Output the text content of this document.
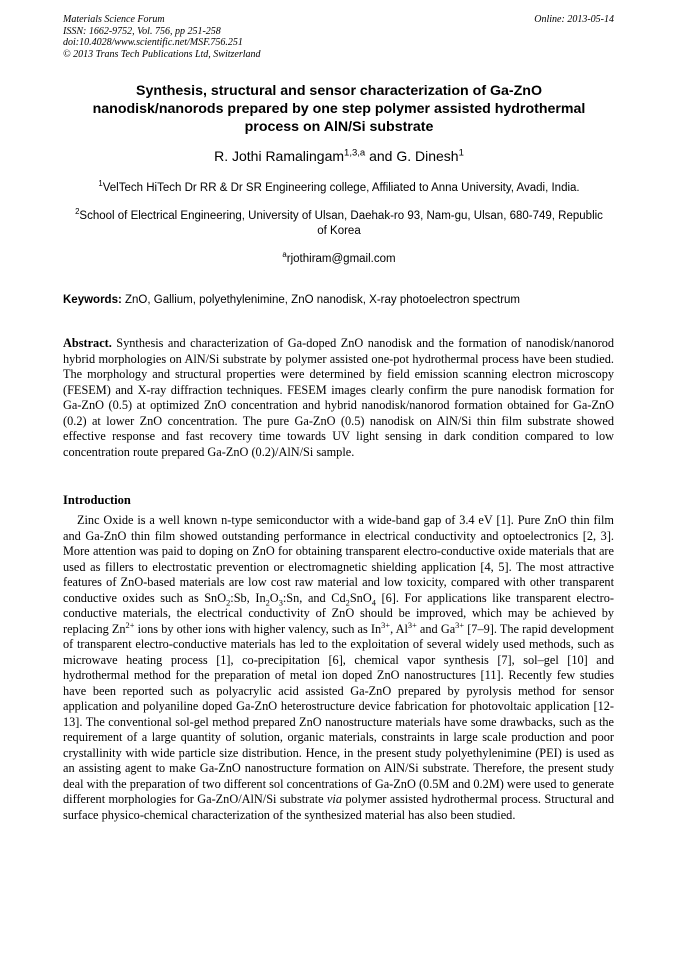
Materials Science Forum
ISSN: 1662-9752, Vol. 756, pp 251-258
doi:10.4028/www.scientific.net/MSF.756.251
© 2013 Trans Tech Publications Ltd, Switzerland
Online: 2013-05-14
Synthesis, structural and sensor characterization of Ga-ZnO nanodisk/nanorods prepared by one step polymer assisted hydrothermal process on AlN/Si substrate
R. Jothi Ramalingam$^{1,3,a}$ and G. Dinesh$^1$
$^1$VelTech HiTech Dr RR & Dr SR Engineering college, Affiliated to Anna University, Avadi, India.
$^2$School of Electrical Engineering, University of Ulsan, Daehak-ro 93, Nam-gu, Ulsan, 680-749, Republic of Korea
$^a$rjothiram@gmail.com
Keywords: ZnO, Gallium, polyethylenimine, ZnO nanodisk, X-ray photoelectron spectrum

Abstract. Synthesis and characterization of Ga-doped ZnO nanodisk and the formation of nanodisk/nanorod hybrid morphologies on AlN/Si substrate by polymer assisted one-pot hydrothermal process have been studied. The morphology and structural properties were determined by field emission scanning electron microscopy (FESEM) and X-ray diffraction techniques. FESEM images clearly confirm the pure nanodisk formation for Ga-ZnO (0.5) at optimized ZnO concentration and hybrid nanodisk/nanorod formation obtained for Ga-ZnO (0.2) at lower ZnO concentration. The pure Ga-ZnO (0.5) nanodisk on AlN/Si thin film substrate showed effective response and fast recovery time towards UV light sensing in dark condition compared to low concentration route prepared Ga-ZnO (0.2)/AlN/Si sample.

Introduction

Zinc Oxide is a well known n-type semiconductor with a wide-band gap of 3.4 eV [1]. Pure ZnO thin film and Ga-ZnO thin film showed outstanding performance in electrical conductivity and optoelectronics [2, 3]. More attention was paid to doping on ZnO for obtaining transparent electro-conductive oxide materials that are used as fillers to electrostatic prevention or electromagnetic shielding application [4, 5]. The most attractive features of ZnO-based materials are low cost raw material and low toxicity, compared with other transparent conductive oxides such as SnO$_2$:Sb, $In_2O_3:Sn$, and $Cd_2SnO_4$ [6]. For applications like transparent electro-conductive materials, the electrical conductivity of ZnO should be improved, which may be achieved by replacing $Zn^{2+}$ ions by other ions with higher valency, such as $In^{3+}$, $Al^{3+}$ and $Ga^{3+}$ [7–9]. The rapid development of transparent electro-conductive materials has led to the exploitation of several widely used methods, such as microwave heating process [1], co-precipitation [6], chemical vapor synthesis [7], sol–gel [10] and hydrothermal method for the preparation of metal ion doped ZnO nanostructures [11]. Recently few studies have been reported such as polyacrylic acid assisted Ga-ZnO prepared by pyrolysis method for sensor application and polyaniline doped Ga-ZnO heterostructure device fabrication for photovoltaic application [12-13]. The conventional sol-gel method prepared ZnO nanostructure materials have some drawbacks, such as the requirement of a large quantity of solution, organic materials, constraints in large scale production and poor crystallinity with wide particle size distribution. Hence, in the present study polyethylenimine (PEI) is used as an assisting agent to make Ga-ZnO nanostructure formation on AlN/Si substrate. Therefore, the present study deal with the preparation of two different sol concentrations of Ga-ZnO (0.5M and 0.2M) were used to generate different morphologies for Ga-ZnO/AlN/Si substrate via polymer assisted hydrothermal process. Structural and surface physico-chemical characterization of the synthesized material has also been studied.
